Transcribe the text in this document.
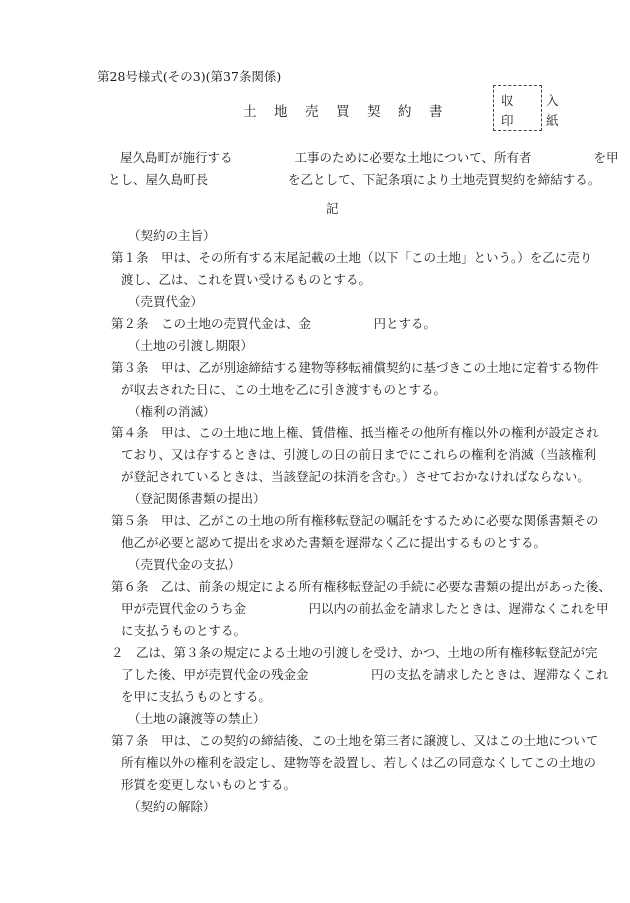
第28号様式(その3)(第37条関係)
土 地 売 買 契 約 書
収　入
印　紙
屋久島町が施行する	工事のために必要な土地について、所有者	を甲
とし、屋久島町長	を乙として、下記条項により土地売買契約を締結する。
記
（契約の主旨）
第１条　甲は、その所有する末尾記載の土地（以下「この土地」という。）を乙に売り
渡し、乙は、これを買い受けるものとする。
（売買代金）
第２条　この土地の売買代金は、金　　　　　円とする。
（土地の引渡し期限）
第３条　甲は、乙が別途締結する建物等移転補償契約に基づきこの土地に定着する物件
が収去された日に、この土地を乙に引き渡すものとする。
（権利の消滅）
第４条　甲は、この土地に地上権、賃借権、抵当権その他所有権以外の権利が設定され
ており、又は存するときは、引渡しの日の前日までにこれらの権利を消滅（当該権利
が登記されているときは、当該登記の抹消を含む。）させておかなければならない。
（登記関係書類の提出）
第５条　甲は、乙がこの土地の所有権移転登記の嘱託をするために必要な関係書類その
他乙が必要と認めて提出を求めた書類を遅滞なく乙に提出するものとする。
（売買代金の支払）
第６条　乙は、前条の規定による所有権移転登記の手続に必要な書類の提出があった後、
甲が売買代金のうち金　　　　　円以内の前払金を請求したときは、遅滞なくこれを甲
に支払うものとする。
２　乙は、第３条の規定による土地の引渡しを受け、かつ、土地の所有権移転登記が完
了した後、甲が売買代金の残金金　　　　　円の支払を請求したときは、遅滞なくこれ
を甲に支払うものとする。
（土地の譲渡等の禁止）
第７条　甲は、この契約の締結後、この土地を第三者に譲渡し、又はこの土地について
所有権以外の権利を設定し、建物等を設置し、若しくは乙の同意なくしてこの土地の
形質を変更しないものとする。
（契約の解除）
